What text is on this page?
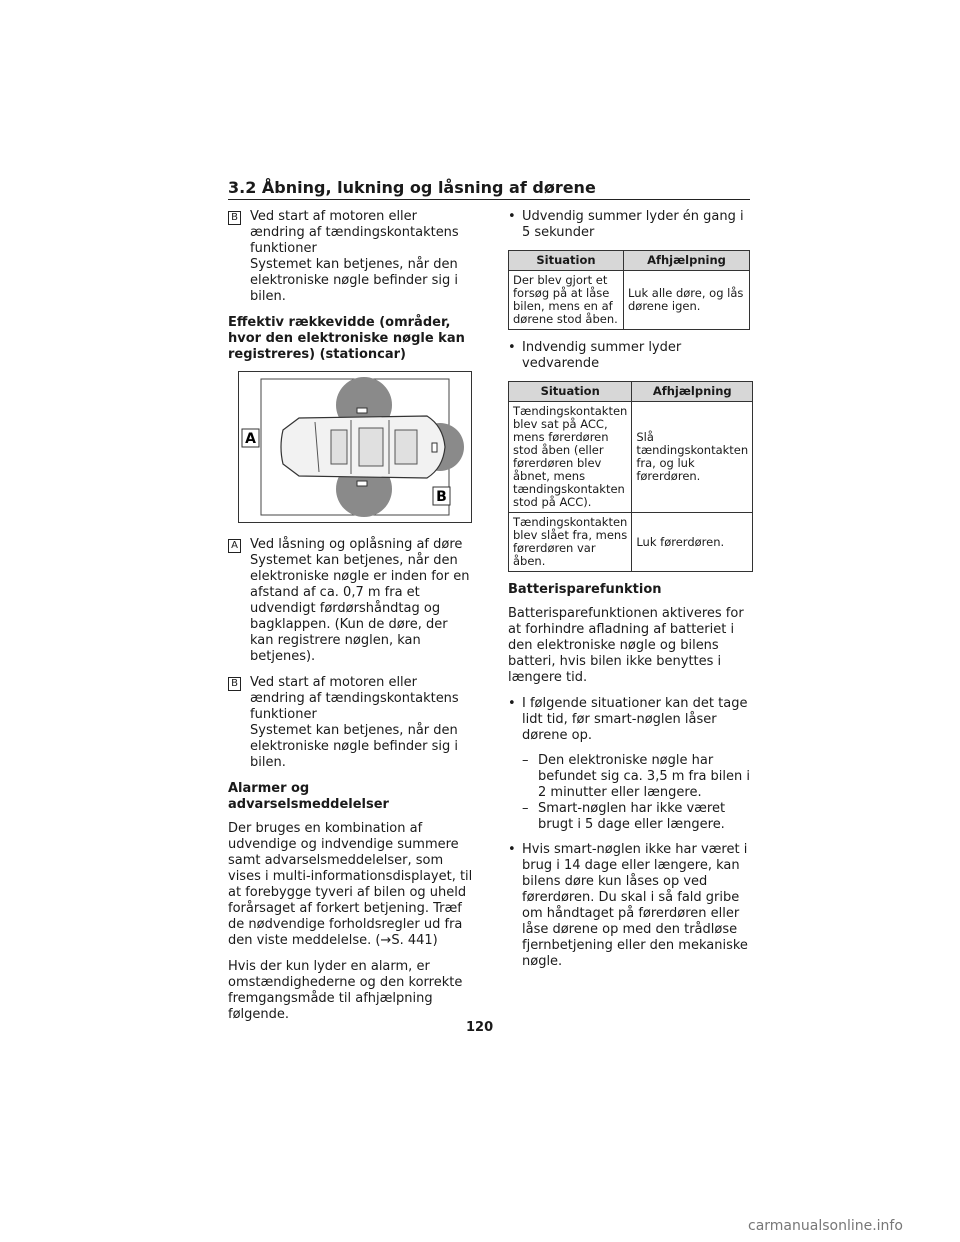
3.2 Åbning, lukning og låsning af dørene
B Ved start af motoren eller ændring af tændingskontaktens funktioner
Systemet kan betjenes, når den elektroniske nøgle befinder sig i bilen.

Effektiv rækkevidde (områder, hvor den elektroniske nøgle kan registreres) (stationcar)
A
B
A Ved låsning og oplåsning af døre
Systemet kan betjenes, når den elektroniske nøgle er inden for en afstand af ca. 0,7 m fra et udvendigt førdørshåndtag og bagklappen. (Kun de døre, der kan registrere nøglen, kan betjenes).

B Ved start af motoren eller ændring af tændingskontaktens funktioner
Systemet kan betjenes, når den elektroniske nøgle befinder sig i bilen.

Alarmer og advarselsmeddelelser

Der bruges en kombination af udvendige og indvendige summere samt advarselsmeddelelser, som vises i multi-informationsdisplayet, til at forebygge tyveri af bilen og uheld forårsaget af forkert betjening. Træf de nødvendige forholdsregler ud fra den viste meddelelse. (→S. 441)

Hvis der kun lyder en alarm, er omstændighederne og den korrekte fremgangsmåde til afhjælpning følgende.

• Udvendig summer lyder én gang i 5 sekunder
Situation	Afhjælpning
Der blev gjort et forsøg på at låse bilen, mens en af dørene stod åben.	Luk alle døre, og lås dørene igen.
• Indvendig summer lyder vedvarende
Situation	Afhjælpning
Tændingskontakten blev sat på ACC, mens førerdøren stod åben (eller førerdøren blev åbnet, mens tændingskontakten stod på ACC).	Slå tændingskontakten fra, og luk førerdøren.
Tændingskontakten blev slået fra, mens førerdøren var åben.	Luk førerdøren.
Batterisparefunktion

Batterisparefunktionen aktiveres for at forhindre afladning af batteriet i den elektroniske nøgle og bilens batteri, hvis bilen ikke benyttes i længere tid.

• I følgende situationer kan det tage lidt tid, før smart-nøglen låser dørene op.
– Den elektroniske nøgle har befundet sig ca. 3,5 m fra bilen i 2 minutter eller længere.
– Smart-nøglen har ikke været brugt i 5 dage eller længere.
• Hvis smart-nøglen ikke har været i brug i 14 dage eller længere, kan bilens døre kun låses op ved førerdøren. Du skal i så fald gribe om håndtaget på førerdøren eller låse dørene op med den trådløse fjernbetjening eller den mekaniske nøgle.
120
carmanualsonline.info
